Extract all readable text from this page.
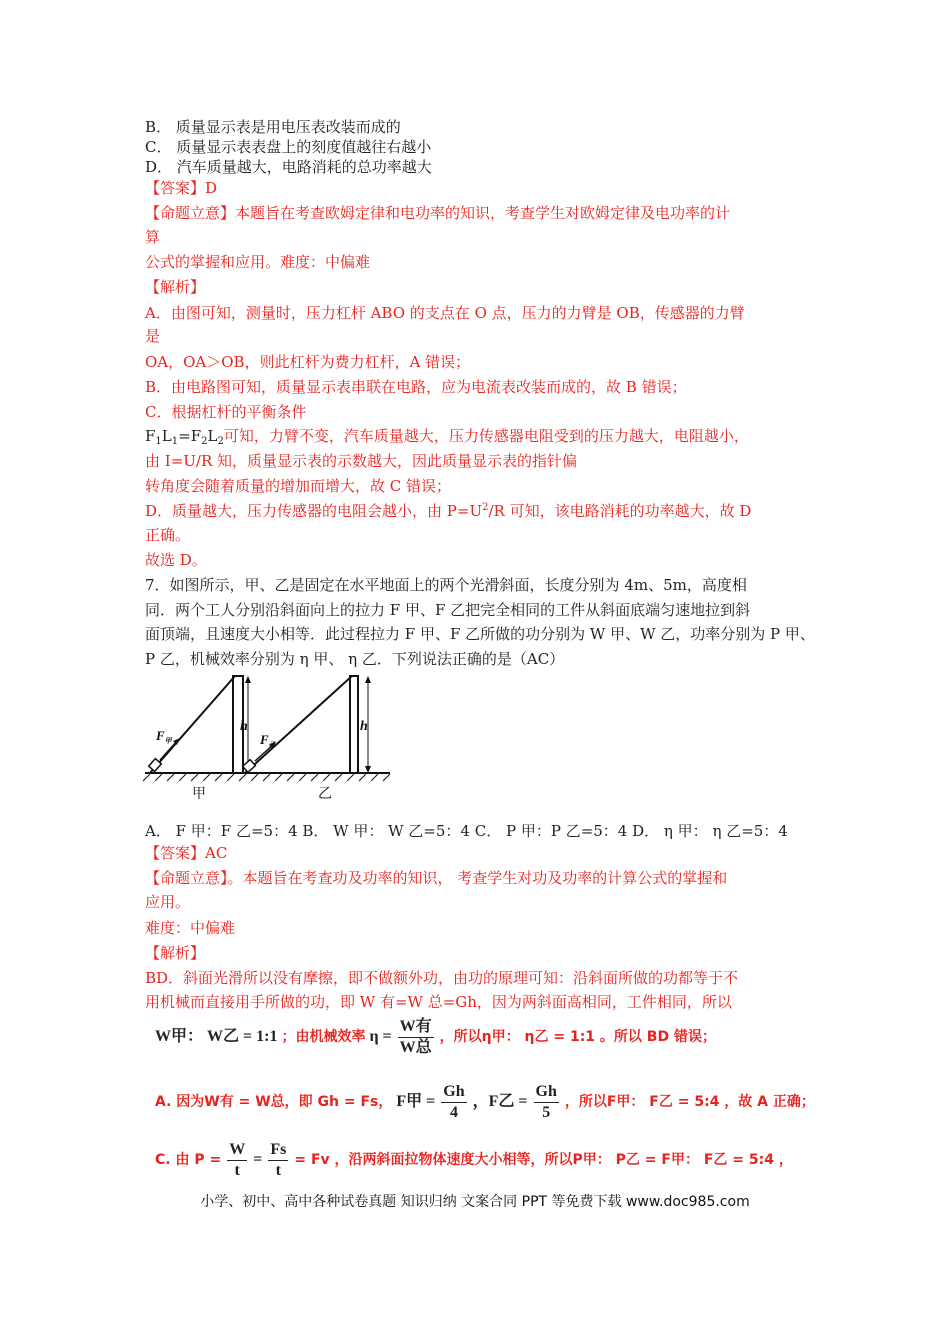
B． 质量显示表是用电压表改装而成的
C． 质量显示表表盘上的刻度值越往右越小
D． 汽车质量越大，电路消耗的总功率越大
【答案】D
【命题立意】本题旨在考查欧姆定律和电功率的知识，考查学生对欧姆定律及电功率的计
算
公式的掌握和应用。难度：中偏难
【解析】
A．由图可知，测量时，压力杠杆 ABO 的支点在 O 点，压力的力臂是 OB，传感器的力臂
是
OA，OA＞OB，则此杠杆为费力杠杆，A 错误；
B．由电路图可知，质量显示表串联在电路，应为电流表改装而成的，故 B 错误；
C．根据杠杆的平衡条件
$F_1L_1=F_2L_2$可知，力臂不变，汽车质量越大，压力传感器电阻受到的压力越大，电阻越小，
由 I=U/R 知，质量显示表的示数越大，因此质量显示表的指针偏
转角度会随着质量的增加而增大，故 C 错误；
D．质量越大，压力传感器的电阻会越小，由 $P=U^2/R$ 可知，该电路消耗的功率越大，故 D
正确。
故选 D。
7．如图所示，甲、乙是固定在水平地面上的两个光滑斜面，长度分别为 4m、5m，高度相
同．两个工人分别沿斜面向上的拉力 F 甲、F 乙把完全相同的工件从斜面底端匀速地拉到斜
面顶端，且速度大小相等．此过程拉力 F 甲、F 乙所做的功分别为 W 甲、W 乙，功率分别为 P 甲、
P 乙，机械效率分别为 η 甲、 η 乙．下列说法正确的是（AC）
h
$F_甲$
h
$F_乙$
甲	乙
A． F 甲：F 乙=5：4 B． W 甲： W 乙=5：4 C． P 甲：P 乙=5：4 D． η 甲： η 乙=5：4
【答案】AC
【命题立意】。本题旨在考查功及功率的知识， 考查学生对功及功率的计算公式的掌握和
应用。
难度：中偏难
【解析】
BD．斜面光滑所以没有摩擦，即不做额外功，由功的原理可知：沿斜面所做的功都等于不
用机械而直接用手所做的功，即 W 有=W 总=Gh，因为两斜面高相同，工件相同，所以
W甲： W乙 = 1:1 ；由机械效率 $\eta = \frac{\text{W有}}{\text{W总}}$ ，所以η甲： η乙 = 1:1 。所以 BD 错误；
A. 因为W有 = W总，即 Gh = Fs， F甲 = $\frac{Gh}{4}$ ，F乙 = $\frac{Gh}{5}$ ，所以F甲： F乙 = 5:4 ，故 A 正确；
C. 由 $P = \frac{W}{t} = \frac{Fs}{t} = Fv$ ，沿两斜面拉物体速度大小相等，所以P甲： P乙 = F甲： F乙 = 5:4 ，
小学、初中、高中各种试卷真题 知识归纳 文案合同 PPT 等免费下载 www.doc985.com
